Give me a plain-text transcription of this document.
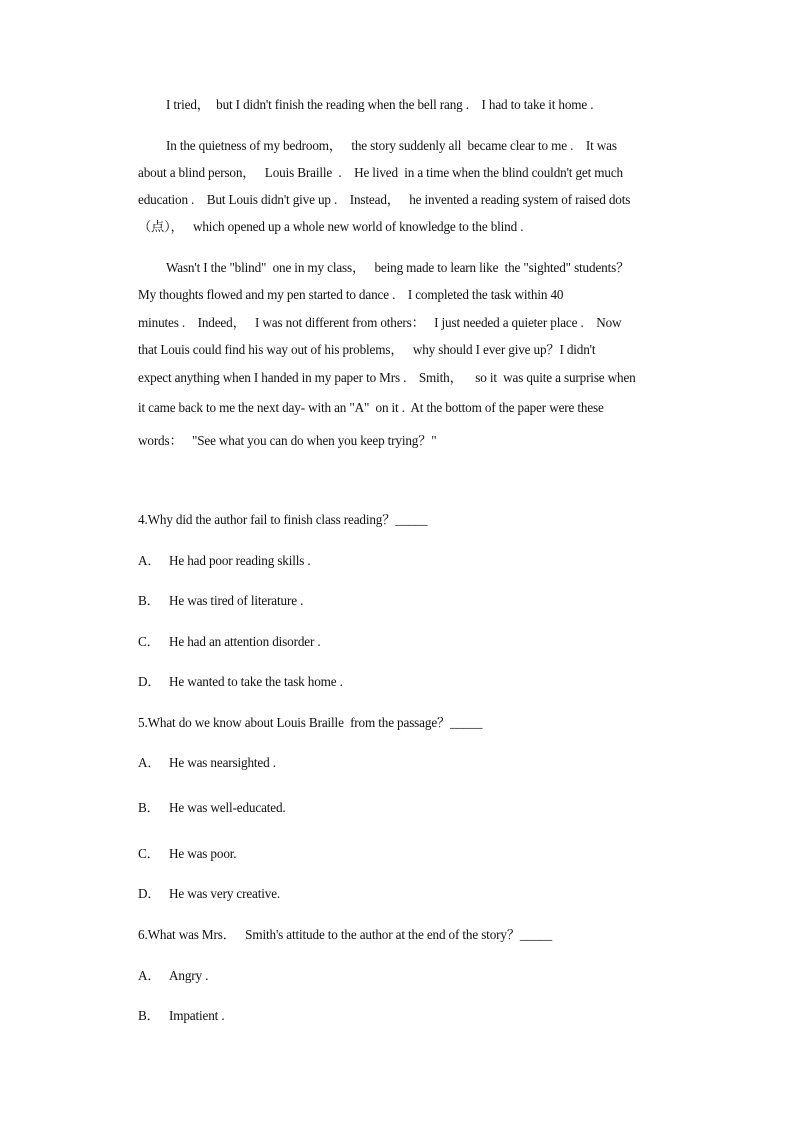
I tried，  but I didn't finish the reading when the bell rang .    I had to take it home .
In the quietness of my bedroom，   the story suddenly all  became clear to me .    It was
about a blind person，   Louis Braille  .    He lived  in a time when the blind couldn't get much
education .    But Louis didn't give up .    Instead，   he invented a reading system of raised dots
（点），   which opened up a whole new world of knowledge to the blind .
Wasn't I the "blind"  one in my class，   being made to learn like  the "sighted" students？
My thoughts flowed and my pen started to dance .    I completed the task within 40
minutes .    Indeed，   I was not different from others：   I just needed a quieter place .    Now
that Louis could find his way out of his problems，   why should I ever give up？I didn't
expect anything when I handed in my paper to Mrs .    Smith，    so it  was quite a surprise when
it came back to me the next day- with an "A"  on it .  At the bottom of the paper were these
words：   "See what you can do when you keep trying？"
4.Why did the author fail to finish class reading？_____
A． He had poor reading skills .
B． He was tired of literature .
C． He had an attention disorder .
D． He wanted to take the task home .
5.What do we know about Louis Braille  from the passage？_____
A． He was nearsighted .
B． He was well-educated.
C． He was poor.
D． He was very creative.
6.What was Mrs．   Smith's attitude to the author at the end of the story？_____
A． Angry .
B． Impatient .
